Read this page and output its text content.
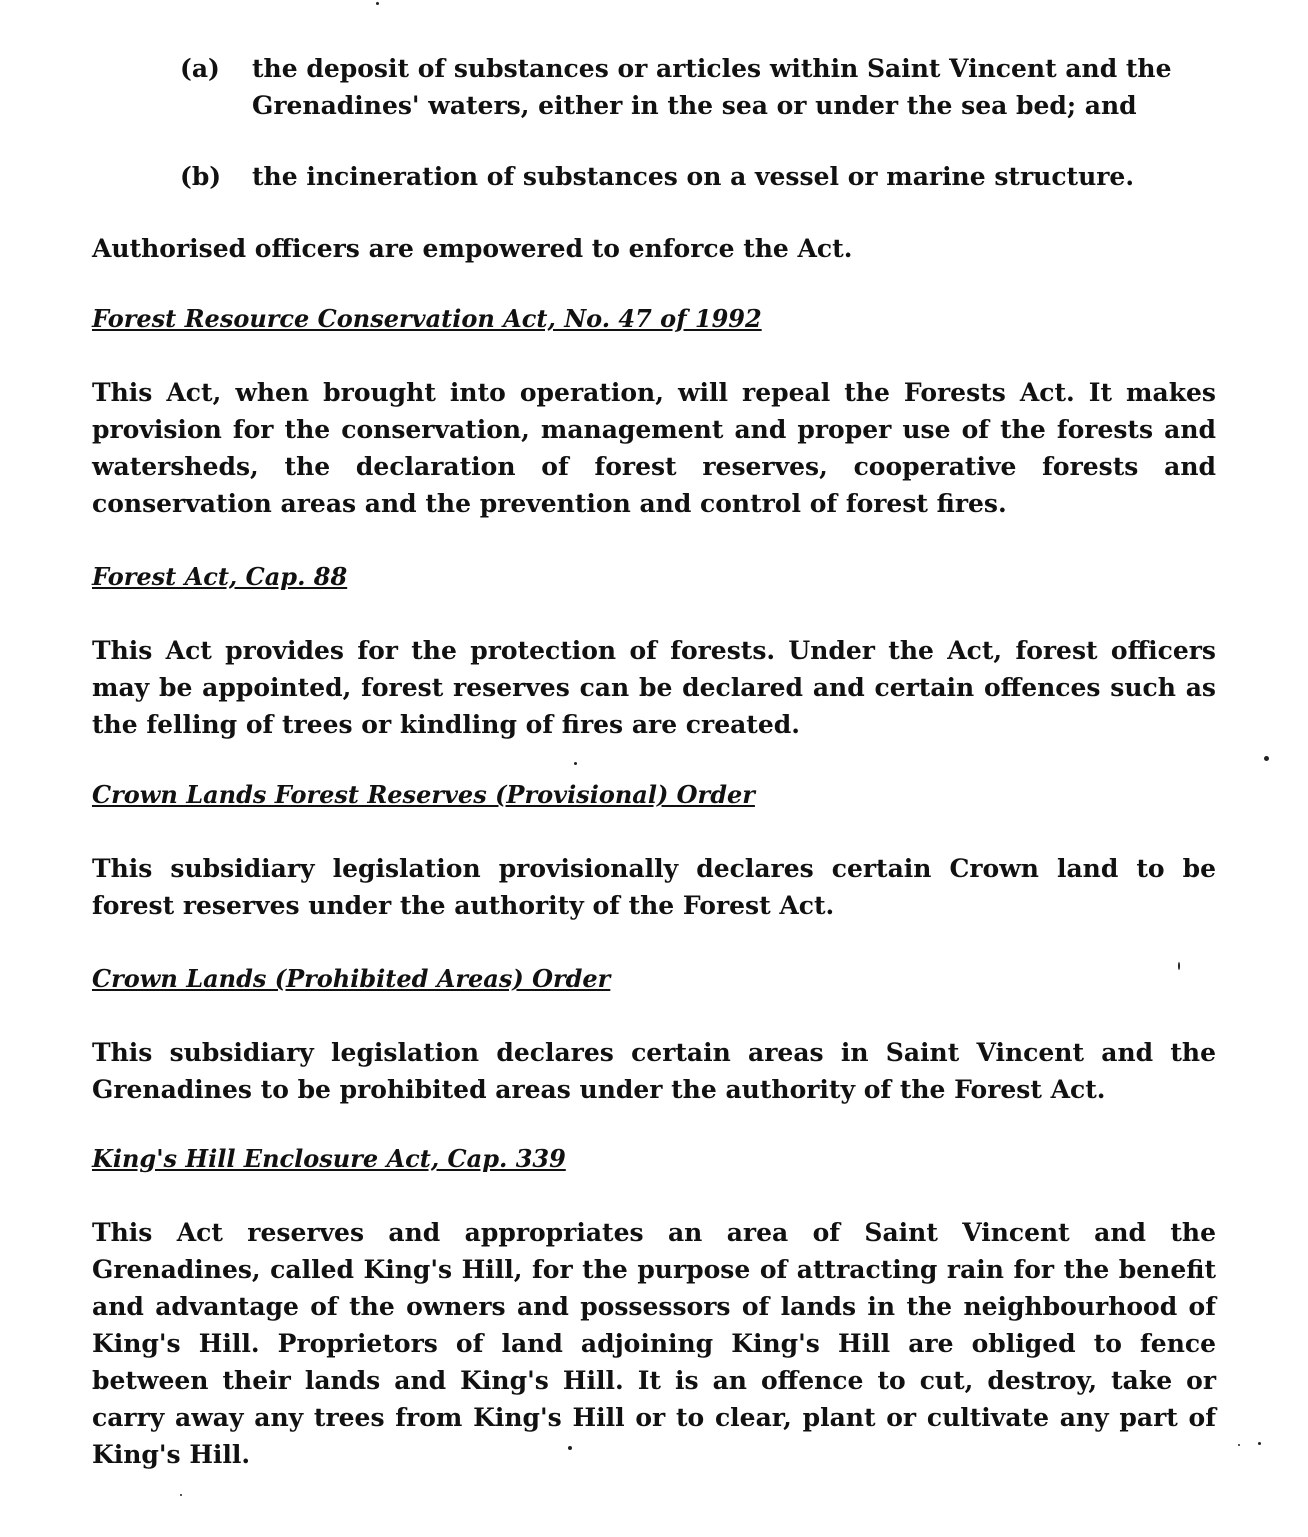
(a)	the deposit of substances or articles within Saint Vincent and the Grenadines' waters, either in the sea or under the sea bed; and
(b)	the incineration of substances on a vessel or marine structure.

Authorised officers are empowered to enforce the Act.

Forest Resource Conservation Act, No. 47 of 1992

This Act, when brought into operation, will repeal the Forests Act. It makes provision for the conservation, management and proper use of the forests and watersheds, the declaration of forest reserves, cooperative forests and conservation areas and the prevention and control of forest fires.

Forest Act, Cap. 88

This Act provides for the protection of forests. Under the Act, forest officers may be appointed, forest reserves can be declared and certain offences such as the felling of trees or kindling of fires are created.

Crown Lands Forest Reserves (Provisional) Order

This subsidiary legislation provisionally declares certain Crown land to be forest reserves under the authority of the Forest Act.

Crown Lands (Prohibited Areas) Order

This subsidiary legislation declares certain areas in Saint Vincent and the Grenadines to be prohibited areas under the authority of the Forest Act.

King's Hill Enclosure Act, Cap. 339

This Act reserves and appropriates an area of Saint Vincent and the Grenadines, called King's Hill, for the purpose of attracting rain for the benefit and advantage of the owners and possessors of lands in the neighbourhood of King's Hill. Proprietors of land adjoining King's Hill are obliged to fence between their lands and King's Hill. It is an offence to cut, destroy, take or carry away any trees from King's Hill or to clear, plant or cultivate any part of King's Hill.
